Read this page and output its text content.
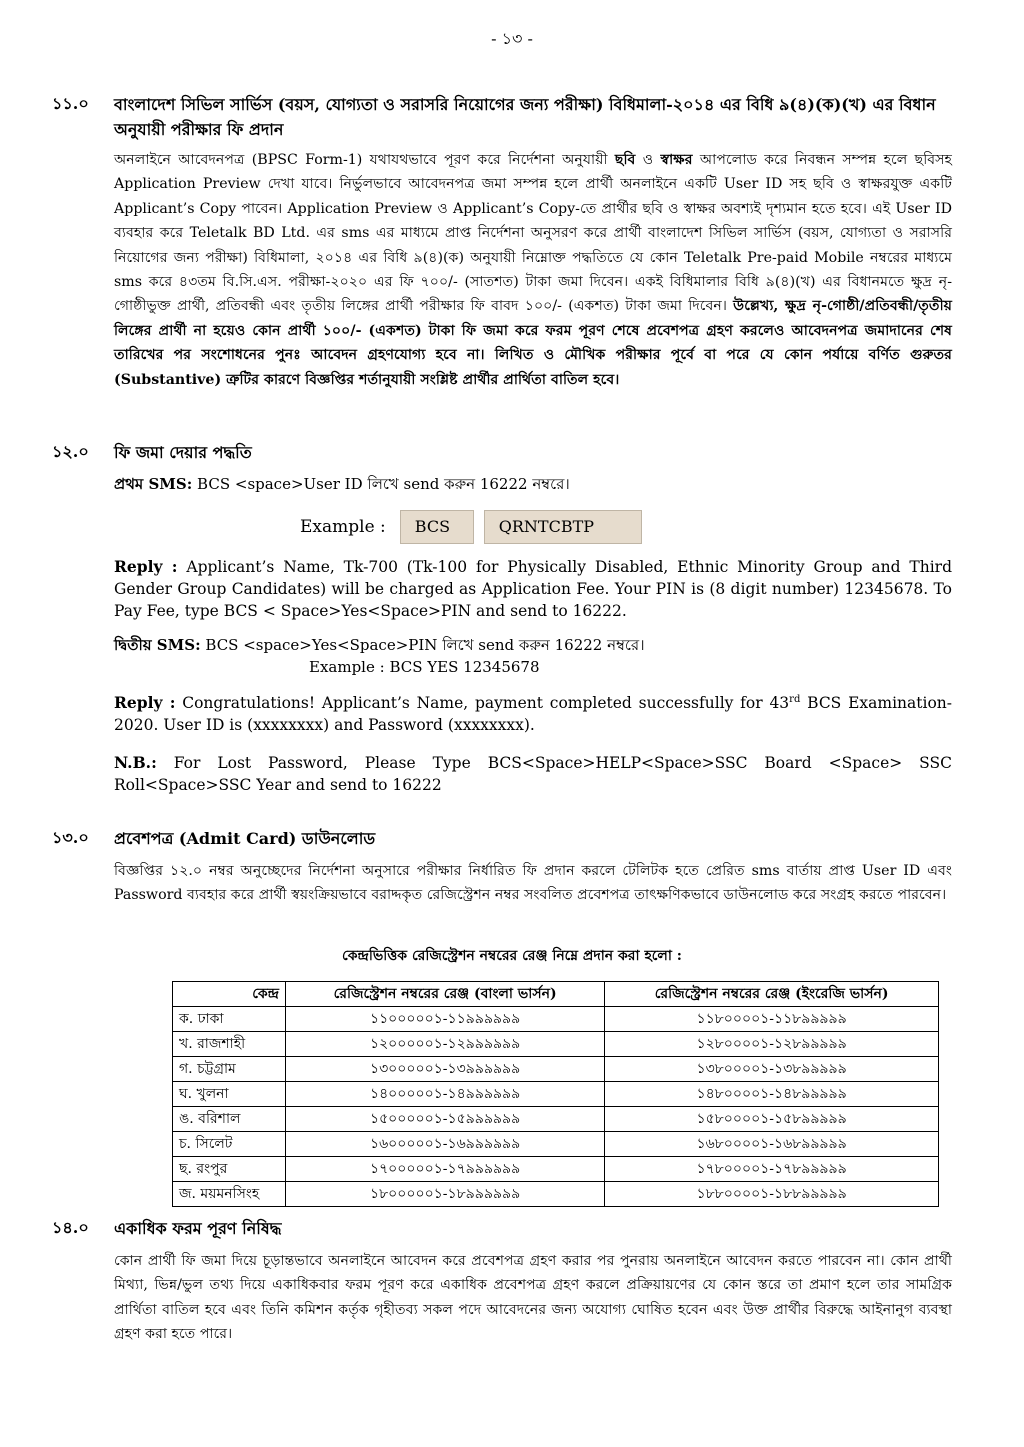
- ১৩ -
১১.০	বাংলাদেশ সিভিল সার্ভিস (বয়স, যোগ্যতা ও সরাসরি নিয়োগের জন্য পরীক্ষা) বিধিমালা-২০১৪ এর বিধি ৯(৪)(ক)(খ) এর বিধান অনুযায়ী পরীক্ষার ফি প্রদান
অনলাইনে আবেদনপত্র (BPSC Form-1) যথাযথভাবে পূরণ করে নির্দেশনা অনুযায়ী ছবি ও স্বাক্ষর আপলোড করে নিবন্ধন সম্পন্ন হলে ছবিসহ Application Preview দেখা যাবে। নির্ভুলভাবে আবেদনপত্র জমা সম্পন্ন হলে প্রার্থী অনলাইনে একটি User ID সহ ছবি ও স্বাক্ষরযুক্ত একটি Applicant’s Copy পাবেন। Application Preview ও Applicant’s Copy-তে প্রার্থীর ছবি ও স্বাক্ষর অবশ্যই দৃশ্যমান হতে হবে। এই User ID ব্যবহার করে Teletalk BD Ltd. এর sms এর মাধ্যমে প্রাপ্ত নির্দেশনা অনুসরণ করে প্রার্থী বাংলাদেশ সিভিল সার্ভিস (বয়স, যোগ্যতা ও সরাসরি নিয়োগের জন্য পরীক্ষা) বিধিমালা, ২০১৪ এর বিধি ৯(৪)(ক) অনুযায়ী নিম্নোক্ত পদ্ধতিতে যে কোন Teletalk Pre-paid Mobile নম্বরের মাধ্যমে sms করে ৪৩তম বি.সি.এস. পরীক্ষা-২০২০ এর ফি ৭০০/- (সাতশত) টাকা জমা দিবেন। একই বিধিমালার বিধি ৯(৪)(খ) এর বিধানমতে ক্ষুদ্র নৃ-গোষ্ঠীভুক্ত প্রার্থী, প্রতিবন্ধী এবং তৃতীয় লিঙ্গের প্রার্থী পরীক্ষার ফি বাবদ ১০০/- (একশত) টাকা জমা দিবেন। উল্লেখ্য, ক্ষুদ্র নৃ-গোষ্ঠী/প্রতিবন্ধী/তৃতীয় লিঙ্গের প্রার্থী না হয়েও কোন প্রার্থী ১০০/- (একশত) টাকা ফি জমা করে ফরম পূরণ শেষে প্রবেশপত্র গ্রহণ করলেও আবেদনপত্র জমাদানের শেষ তারিখের পর সংশোধনের পুনঃ আবেদন গ্রহণযোগ্য হবে না। লিখিত ও মৌখিক পরীক্ষার পূর্বে বা পরে যে কোন পর্যায়ে বর্ণিত গুরুতর (Substantive) ত্রুটির কারণে বিজ্ঞপ্তির শর্তানুযায়ী সংশ্লিষ্ট প্রার্থীর প্রার্থিতা বাতিল হবে।
১২.০	ফি জমা দেয়ার পদ্ধতি
প্রথম SMS: BCS <space>User ID লিখে send করুন 16222 নম্বরে।
Example :	BCS	QRNTCBTP
Reply : Applicant’s Name, Tk-700 (Tk-100 for Physically Disabled, Ethnic Minority Group and Third Gender Group Candidates) will be charged as Application Fee. Your PIN is (8 digit number) 12345678. To Pay Fee, type BCS < Space>Yes<Space>PIN and send to 16222.
দ্বিতীয় SMS: BCS <space>Yes<Space>PIN লিখে send করুন 16222 নম্বরে।
Example : BCS YES 12345678
Reply : Congratulations! Applicant’s Name, payment completed successfully for 43rd BCS Examination-2020. User ID is (xxxxxxxx) and Password (xxxxxxxx).
N.B.: For Lost Password, Please Type BCS<Space>HELP<Space>SSC Board <Space> SSC Roll<Space>SSC Year and send to 16222
১৩.০	প্রবেশপত্র (Admit Card) ডাউনলোড
বিজ্ঞপ্তির ১২.০ নম্বর অনুচ্ছেদের নির্দেশনা অনুসারে পরীক্ষার নির্ধারিত ফি প্রদান করলে টেলিটক হতে প্রেরিত sms বার্তায় প্রাপ্ত User ID এবং Password ব্যবহার করে প্রার্থী স্বয়ংক্রিয়ভাবে বরাদ্দকৃত রেজিস্ট্রেশন নম্বর সংবলিত প্রবেশপত্র তাৎক্ষণিকভাবে ডাউনলোড করে সংগ্রহ করতে পারবেন।
কেন্দ্রভিত্তিক রেজিস্ট্রেশন নম্বরের রেঞ্জ নিম্নে প্রদান করা হলো :
কেন্দ্র	রেজিস্ট্রেশন নম্বরের রেঞ্জ (বাংলা ভার্সন)	রেজিস্ট্রেশন নম্বরের রেঞ্জ (ইংরেজি ভার্সন)
ক. ঢাকা	১১০০০০০১-১১৯৯৯৯৯৯	১১৮০০০০১-১১৮৯৯৯৯৯
খ. রাজশাহী	১২০০০০০১-১২৯৯৯৯৯৯	১২৮০০০০১-১২৮৯৯৯৯৯
গ. চট্টগ্রাম	১৩০০০০০১-১৩৯৯৯৯৯৯	১৩৮০০০০১-১৩৮৯৯৯৯৯
ঘ. খুলনা	১৪০০০০০১-১৪৯৯৯৯৯৯	১৪৮০০০০১-১৪৮৯৯৯৯৯
ঙ. বরিশাল	১৫০০০০০১-১৫৯৯৯৯৯৯	১৫৮০০০০১-১৫৮৯৯৯৯৯
চ. সিলেট	১৬০০০০০১-১৬৯৯৯৯৯৯	১৬৮০০০০১-১৬৮৯৯৯৯৯
ছ. রংপুর	১৭০০০০০১-১৭৯৯৯৯৯৯	১৭৮০০০০১-১৭৮৯৯৯৯৯
জ. ময়মনসিংহ	১৮০০০০০১-১৮৯৯৯৯৯৯	১৮৮০০০০১-১৮৮৯৯৯৯৯
১৪.০	একাধিক ফরম পূরণ নিষিদ্ধ
কোন প্রার্থী ফি জমা দিয়ে চূড়ান্তভাবে অনলাইনে আবেদন করে প্রবেশপত্র গ্রহণ করার পর পুনরায় অনলাইনে আবেদন করতে পারবেন না। কোন প্রার্থী মিথ্যা, ভিন্ন/ভুল তথ্য দিয়ে একাধিকবার ফরম পূরণ করে একাধিক প্রবেশপত্র গ্রহণ করলে প্রক্রিয়ায়ণের যে কোন স্তরে তা প্রমাণ হলে তার সামগ্রিক প্রার্থিতা বাতিল হবে এবং তিনি কমিশন কর্তৃক গৃহীতব্য সকল পদে আবেদনের জন্য অযোগ্য ঘোষিত হবেন এবং উক্ত প্রার্থীর বিরুদ্ধে আইনানুগ ব্যবস্থা গ্রহণ করা হতে পারে।
